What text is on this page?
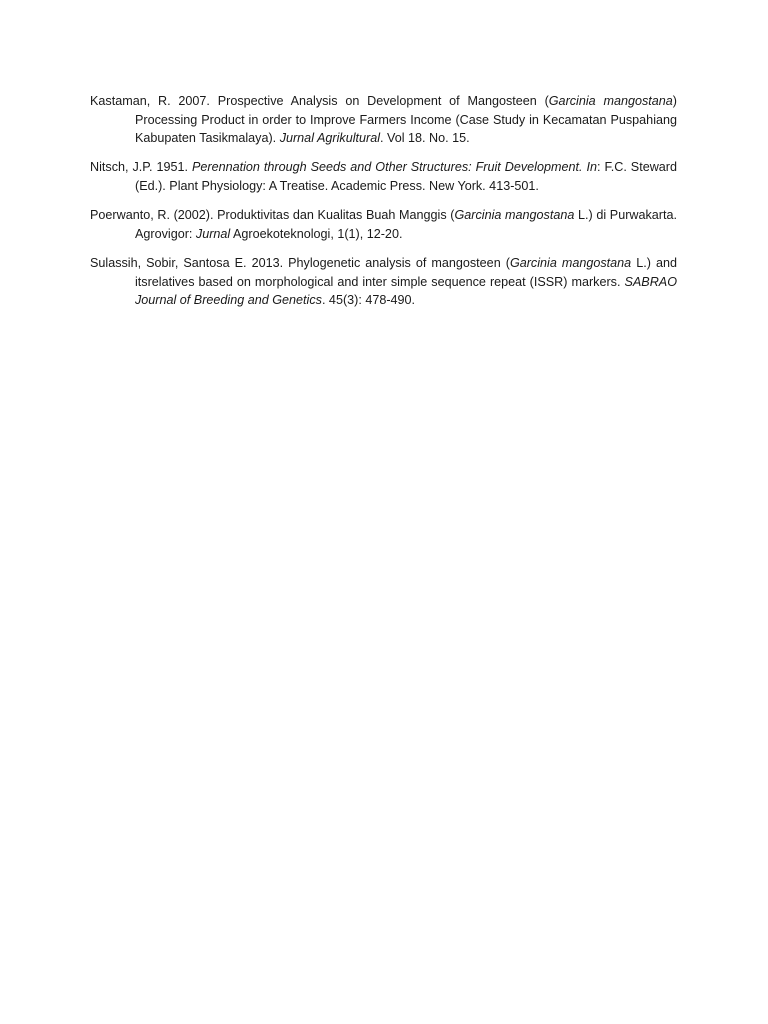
Kastaman, R. 2007. Prospective Analysis on Development of Mangosteen (Garcinia mangostana) Processing Product in order to Improve Farmers Income (Case Study in Kecamatan Puspahiang Kabupaten Tasikmalaya). Jurnal Agrikultural. Vol 18. No. 15.
Nitsch, J.P. 1951. Perennation through Seeds and Other Structures: Fruit Development. In: F.C. Steward (Ed.). Plant Physiology: A Treatise. Academic Press. New York. 413-501.
Poerwanto, R. (2002). Produktivitas dan Kualitas Buah Manggis (Garcinia mangostana L.) di Purwakarta. Agrovigor: Jurnal Agroekoteknologi, 1(1), 12-20.
Sulassih, Sobir, Santosa E. 2013. Phylogenetic analysis of mangosteen (Garcinia mangostana L.) and itsrelatives based on morphological and inter simple sequence repeat (ISSR) markers. SABRAO Journal of Breeding and Genetics. 45(3): 478-490.
